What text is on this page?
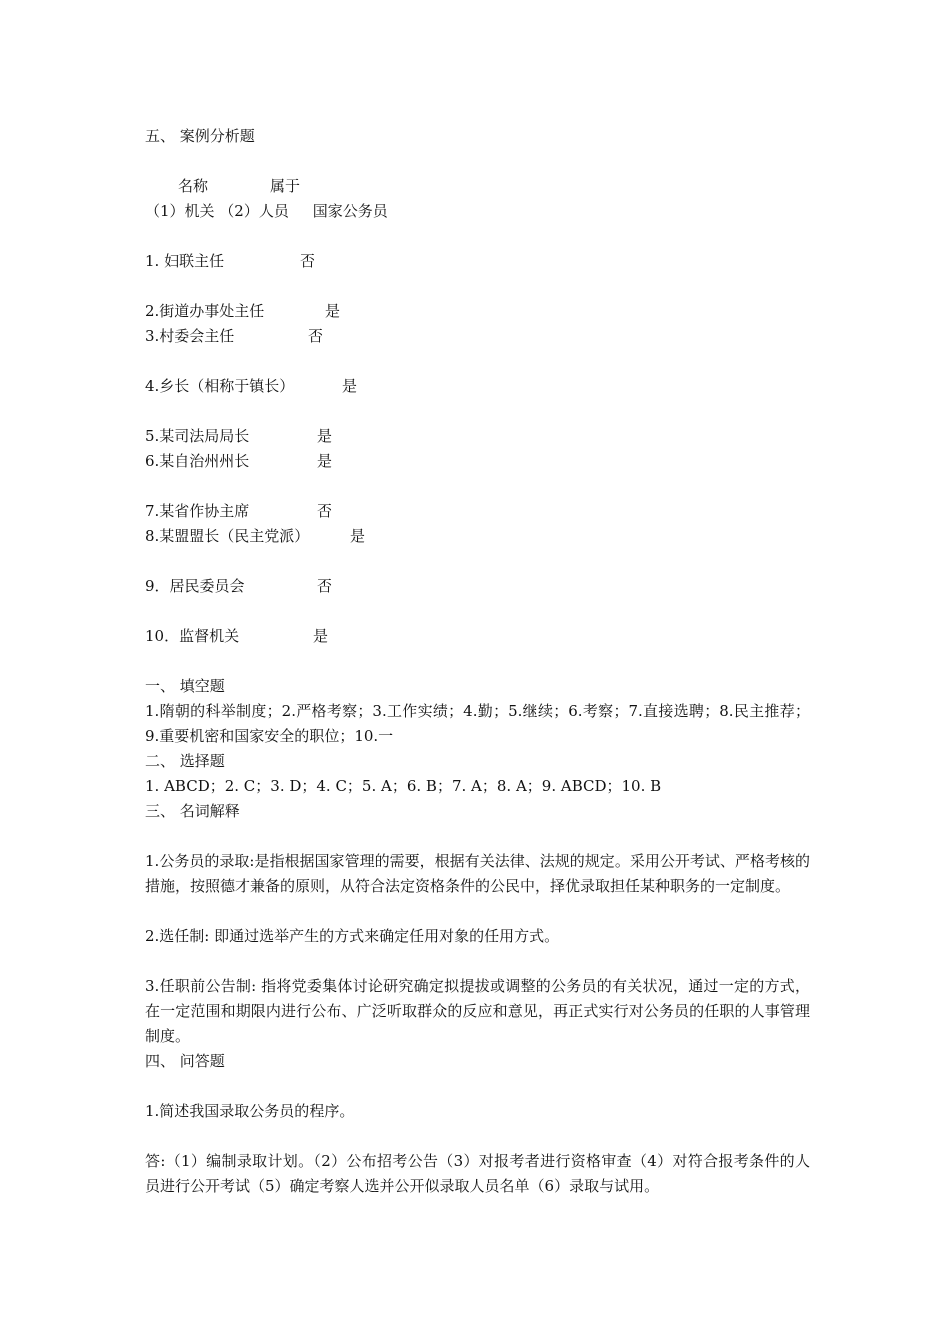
五、 案例分析题
名称	属于
（1）机关 （2）人员     国家公务员
1. 妇联主任	否
2.街道办事处主任	是
3.村委会主任	否
4.乡长（相称于镇长）	是
5.某司法局局长	是
6.某自治州州长	是
7.某省作协主席	否
8.某盟盟长（民主党派）	是
9．居民委员会	否
10．监督机关	是
一、 填空题
1.隋朝的科举制度；2.严格考察；3.工作实绩；4.勤；5.继续；6.考察；7.直接选聘；8.民主推荐；9.重要机密和国家安全的职位；10.一
二、 选择题
1. ABCD；2. C；3. D；4. C；5. A；6. B；7. A；8. A；9. ABCD；10. B
三、 名词解释
1.公务员的录取:是指根据国家管理的需要，根据有关法律、法规的规定。采用公开考试、严格考核的措施，按照德才兼备的原则，从符合法定资格条件的公民中，择优录取担任某种职务的一定制度。
2.选任制: 即通过选举产生的方式来确定任用对象的任用方式。
3.任职前公告制: 指将党委集体讨论研究确定拟提拔或调整的公务员的有关状况，通过一定的方式，在一定范围和期限内进行公布、广泛听取群众的反应和意见，再正式实行对公务员的任职的人事管理制度。
四、 问答题
1.简述我国录取公务员的程序。
答:（1）编制录取计划。（2）公布招考公告（3）对报考者进行资格审查（4）对符合报考条件的人员进行公开考试（5）确定考察人选并公开似录取人员名单（6）录取与试用。
